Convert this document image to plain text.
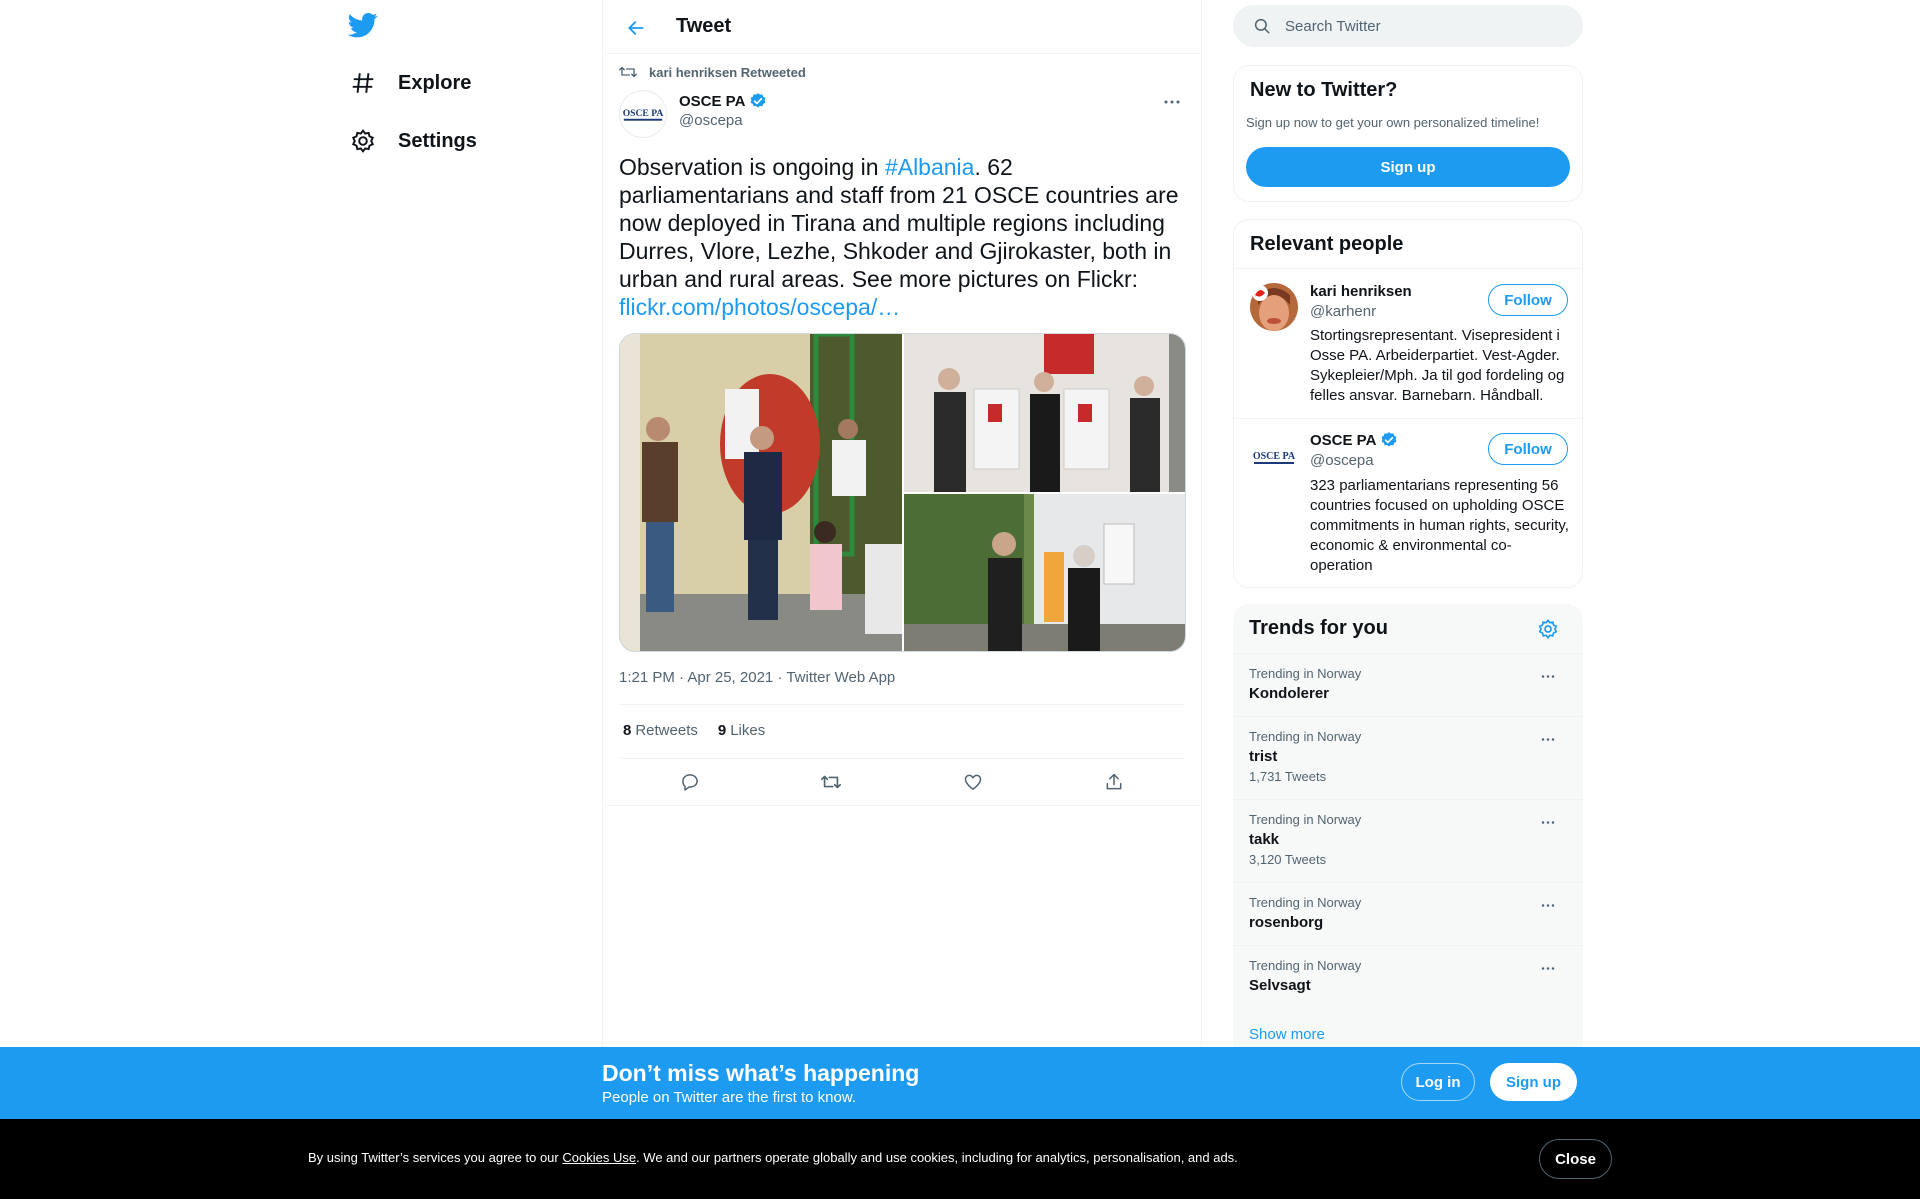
Explore
Settings
Tweet
kari henriksen Retweeted
OSCE PA
OSCE PA
@oscepa
Observation is ongoing in #Albania. 62 parliamentarians and staff from 21 OSCE countries are now deployed in Tirana and multiple regions including Durres, Vlore, Lezhe, Shkoder and Gjirokaster, both in urban and rural areas. See more pictures on Flickr: flickr.com/photos/oscepa/…
1:21 PM · Apr 25, 2021 · Twitter Web App
8 Retweets 9 Likes
Search Twitter
New to Twitter?
Sign up now to get your own personalized timeline!
Sign up
Relevant people
kari henriksen
@karhenr
Follow
Stortingsrepresentant. Visepresident i Osse PA. Arbeiderpartiet. Vest-Agder. Sykepleier/Mph. Ja til god fordeling og felles ansvar. Barnebarn. Håndball.
OSCE PA
OSCE PA
@oscepa
Follow
323 parliamentarians representing 56 countries focused on upholding OSCE commitments in human rights, security, economic & environmental co-operation
Trends for you
Trending in Norway
Kondolerer
Trending in Norway
trist
1,731 Tweets
Trending in Norway
takk
3,120 Tweets
Trending in Norway
rosenborg
Trending in Norway
Selvsagt
Show more
Don’t miss what’s happening
People on Twitter are the first to know.
Log in	Sign up
By using Twitter’s services you agree to our Cookies Use. We and our partners operate globally and use cookies, including for analytics, personalisation, and ads.	Close
